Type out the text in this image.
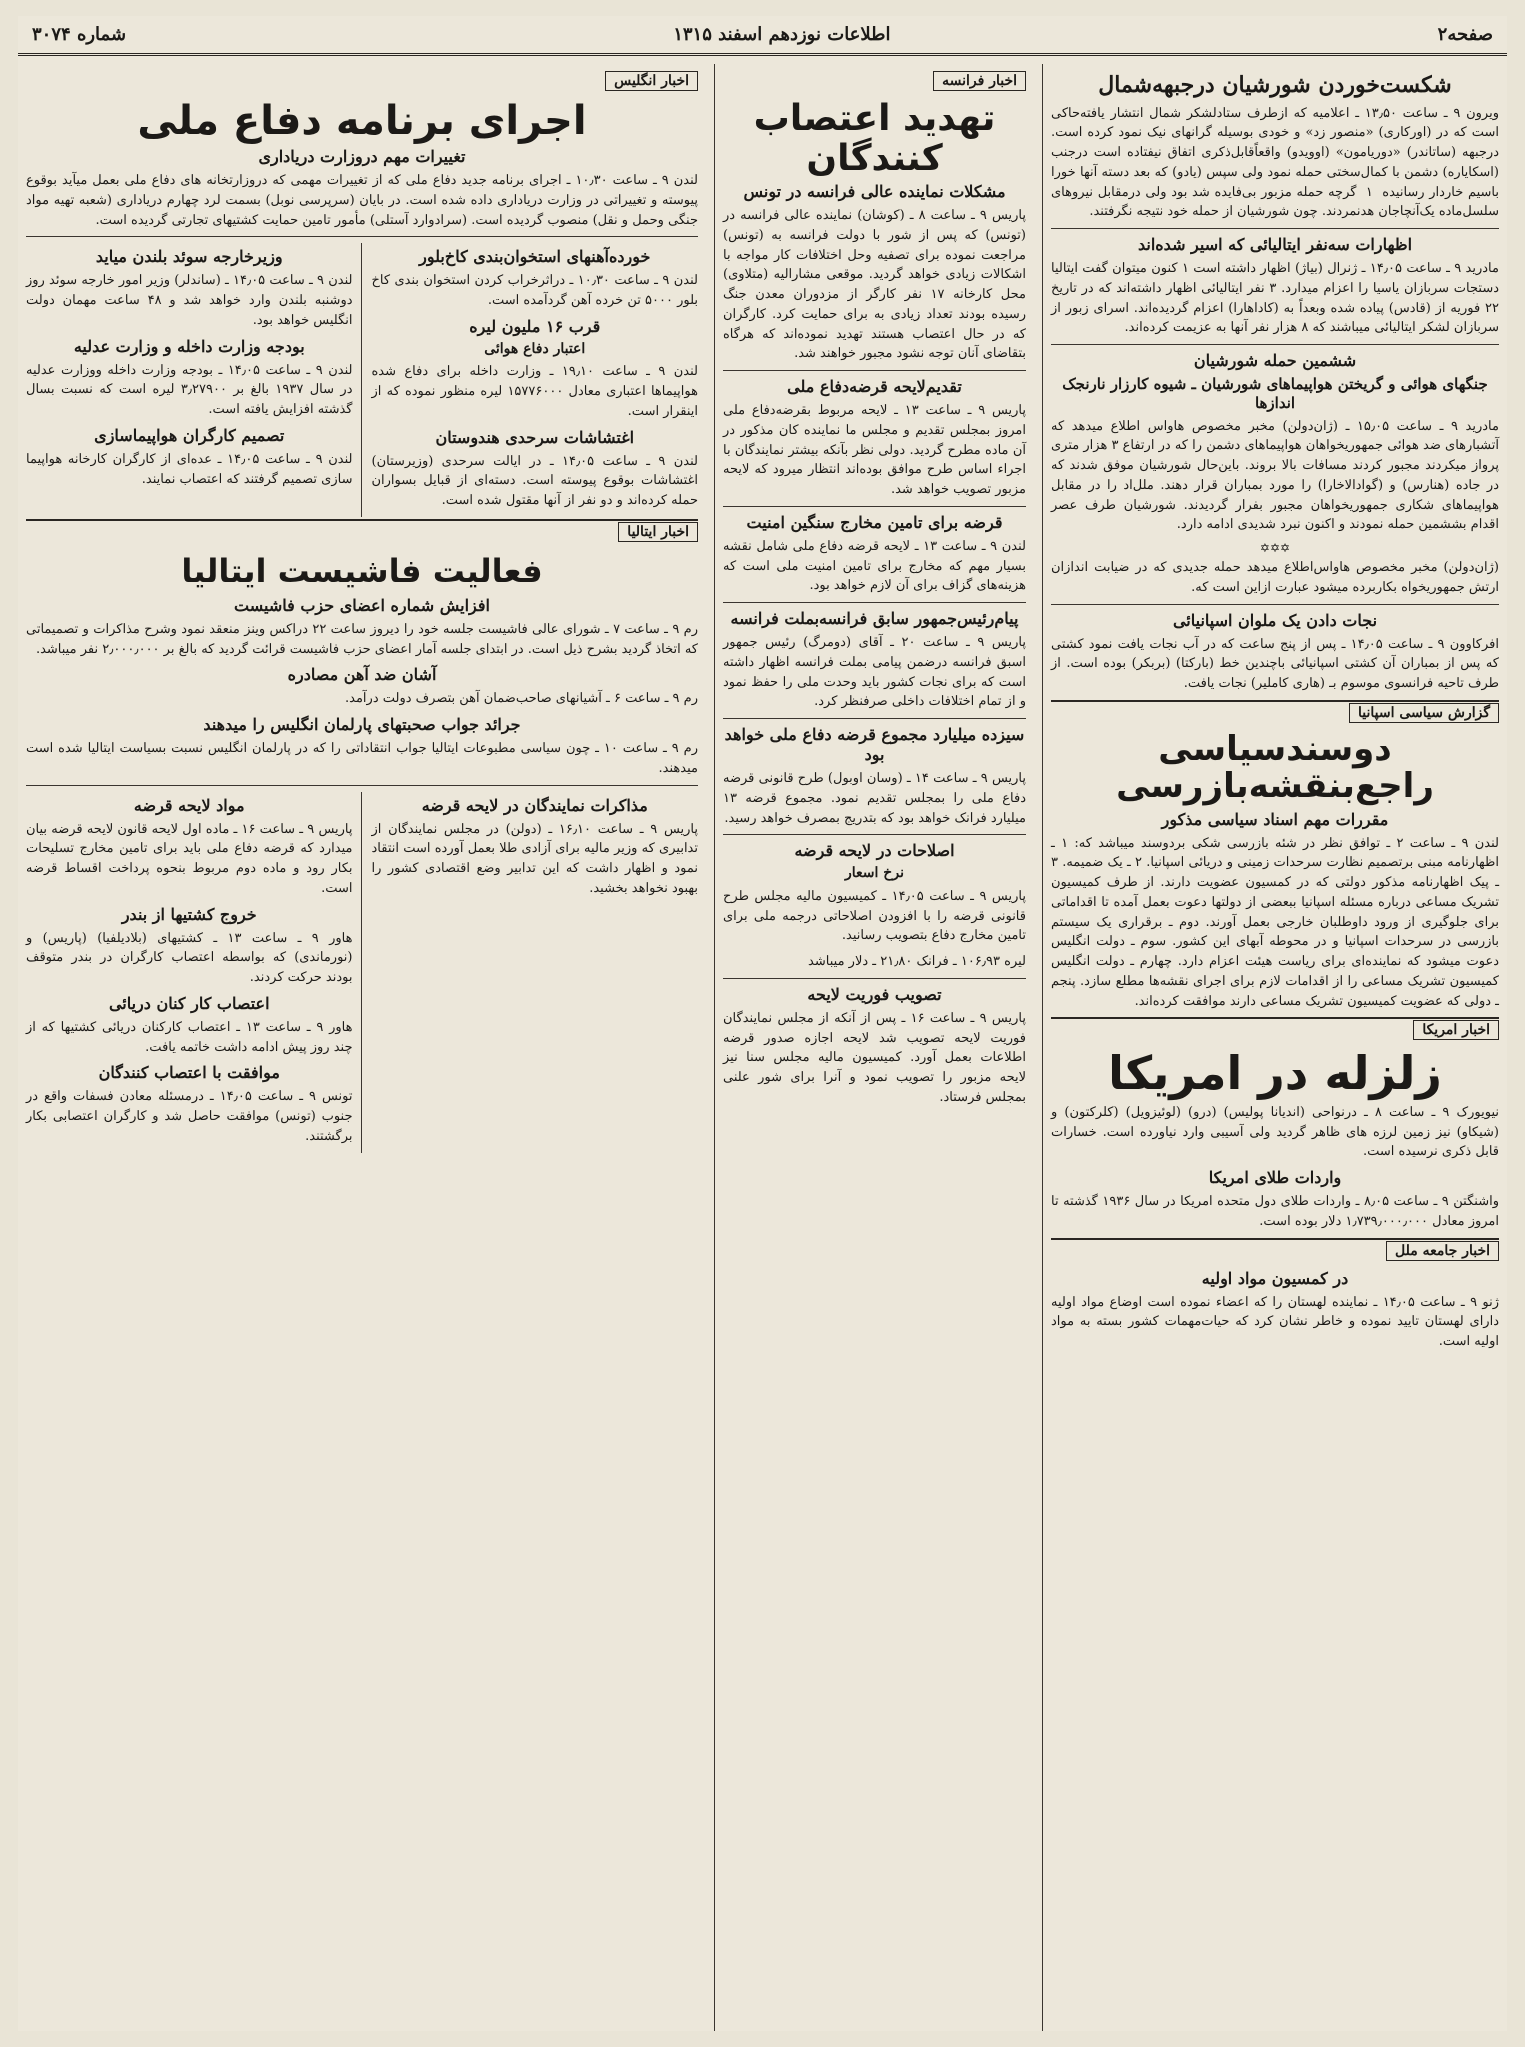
صفحه۲
اطلاعات نوزدهم اسفند ۱۳۱۵
شماره ۳۰۷۴
شکست‌خوردن شورشیان درجبهه‌شمال

ویرون ۹ ـ ساعت ۱۳٫۵۰ ـ اعلامیه که ازطرف ستادلشکر شمال انتشار یافته‌حاکی است که در (اورکاری) «منصور زد» و خودی بوسیله گرانهای نیک نمود کرده است. درجبهه (ساتاندر) «دوریامون» (اوویدو) واقعاًقابل‌ذکری اتفاق نیفتاده است درجنب (اسکایاره) دشمن با کمال‌سختی حمله نمود ولی سپس (یادو) که بعد دسته آنها خورا باسیم خاردار رسانیده ‌ ۱ ‌ گرچه حمله مزبور بی‌فایده شد بود ولی در‌مقابل نیروهای سلسل‌ماده یک‌آنچاجان هدنمردند. چون شورشیان از حمله خود نتیجه نگرفتند.

اظهارات سه‌نفر ایتالیائی که اسیر شده‌اند

مادرید ۹ ـ ساعت ۱۴٫۰۵ ـ ژنرال (بیاژ) اظهار داشته است ۱ کنون میتوان گفت ایتالیا دستجات سربازان یاسیا را اعزام میدارد. ۳ نفر ایتالیائی اظهار داشته‌اند که در تاریخ ۲۲ فوریه از (قادس) پیاده شده وبعداً به (کاداهارا) اعزام گردیده‌اند. اسرای زبور از سربازان لشکر ایتالیائی میباشند که ۸ هزار نفر آنها به عزیمت کرده‌اند.

ششمین حمله شورشیان
جنگهای هوائی و گریختن هواپیماهای شورشیان ـ شیوه کارزار نارنجک اندازها

مادرید ۹ ـ ساعت ۱۵٫۰۵ ـ (ژان‌دولن) مخبر مخصوص هاواس اطلاع میدهد که آتشبارهای ضد هوائی جمهوریخواهان هواپیماهای دشمن را که در ارتفاع ۳ هزار متری پرواز میکردند مجبور کردند مسافات بالا بروند. باین‌حال شورشیان موفق شدند که در جاده (هنارس) و (گوادالاخارا) را مورد بمباران قرار دهند. ملل‌اد را در مقابل هواپیماهای شکاری جمهوریخواهان مجبور بفرار گردیدند. شورشیان طرف عصر اقدام بششمین حمله نمودند و اکنون نبرد شدیدی ادامه دارد.

✡✡✡

(ژان‌دولن) مخبر مخصوص هاواس‌اطلاع میدهد حمله جدیدی که در ضیابت اندازان ارتش جمهوریخواه بکاربرده میشود عبارت ازاین است که.

نجات دادن یک ملوان اسپانیائی

افرکاوون ۹ ـ ساعت ۱۴٫۰۵ ـ پس از پنج ساعت که در آب نجات یافت نمود کشتی که پس از بمباران آن کشتی اسپانیائی باچندین خط (بارکتا) (بربکر) بوده است. از طرف تاحیه فرانسوی موسوم بـ (هاری کاملیر) نجات یافت.

گزارش سیاسی اسپانیا
دوسندسیاسی راجع‌بنقشه‌بازرسی
مقررات مهم اسناد سیاسی مذکور

لندن ۹ ـ ساعت ۲ ـ توافق نظر در شئه بازرسی شکی بردوسند میباشد که: ۱ ـ اظهارنامه مبنی برتصمیم نظارت سرحدات زمینی و دریائی اسپانیا. ۲ ـ یک ضمیمه. ۳ ـ پیک اظهارنامه مذکور دولتی که در کمسیون عضویت دارند. از طرف کمیسیون تشریک مساعی درباره مسئله اسپانیا ببعضی از دولتها دعوت بعمل آمده تا اقداماتی برای جلوگیری از ورود داوطلبان خارجی بعمل آورند. دوم ـ برقراری یک سیستم بازرسی در سرحدات اسپانیا و در محوطه آبهای این کشور. سوم ـ دولت انگلیس دعوت میشود که نماینده‌ای برای ریاست هیئت اعزام دارد. چهارم ـ دولت انگلیس کمیسیون تشریک مساعی را از اقدامات لازم برای اجرای نقشه‌ها مطلع سازد. پنجم ـ دولی که عضویت کمیسیون تشریک مساعی دارند موافقت کرده‌اند.

اخبار امریکا
زلزله در امریکا

نیویورک ۹ ـ ساعت ۸ ـ درنواحی (اندیانا پولیس) (درو) (لوئیزویل) (کلرکتون) و (شیکاو) نیز زمین لرزه های ظاهر گردید ولی آسیبی وارد نیاورده است. خسارات قابل ذکری نرسیده است.

واردات طلای امریکا

واشنگتن ۹ ـ ساعت ۸٫۰۵ ـ واردات طلای دول متحده امریکا در سال ۱۹۳۶ گذشته تا امروز معادل ۱٫۷۳۹٫۰۰۰٫۰۰۰ دلار بوده است.

اخبار جامعه ملل
در کمسیون مواد اولیه

ژنو ۹ ـ ساعت ۱۴٫۰۵ ـ نماینده لهستان را که اعضاء نموده است اوضاع مواد اولیه دارای لهستان تایید نموده و خاطر نشان کرد که حیات‌مهمات کشور بسته به مواد اولیه است.

اخبار فرانسه
تهدید اعتصاب کنندگان
مشکلات نماینده عالی فرانسه در تونس

پاریس ۹ ـ ساعت ۸ ـ (کوشان) نماینده عالی فرانسه در (تونس) که پس از شور با دولت فرانسه به (تونس) مراجعت نموده برای تصفیه وحل اختلافات کار مواجه با اشکالات زیادی خواهد گردید. موقعی مشاراليه (متلاوی) محل کارخانه ۱۷ نفر کارگر از مزدوران معدن جنگ رسیده بودند تعداد زیادی به برای حمایت کرد. کارگران که در حال اعتصاب هستند تهدید نموده‌اند که هرگاه بتقاضای آنان توجه نشود مجبور خواهند شد.

تقدیم‌لایحه قرضه‌دفاع ملی

پاریس ۹ ـ ساعت ۱۳ ـ لایحه مربوط بقرضه‌دفاع ملی امروز بمجلس تقدیم و مجلس ما نماینده کان مذکور در آن ماده مطرح گردید. دولی نظر بآنکه بیشتر نمایندگان با اجراء اساس طرح موافق بوده‌اند انتظار میرود که لایحه مزبور تصویب خواهد شد.

قرضه برای تامین مخارج سنگین امنیت

لندن ۹ ـ ساعت ۱۳ ـ لایحه قرضه دفاع ملی شامل نقشه بسیار مهم که مخارج برای تامین امنیت ملی است که هزینه‌های گزاف برای آن لازم خواهد بود.

پیام‌رئیس‌جمهور سابق فرانسه‌بملت فرانسه

پاریس ۹ ـ ساعت ۲۰ ـ آقای (دومرگ) رئیس جمهور اسبق فرانسه درضمن پیامی بملت فرانسه اظهار داشته است که برای نجات کشور باید وحدت ملی را حفظ نمود و از تمام اختلافات داخلی صرفنظر کرد.

سیزده میلیارد مجموع قرضه دفاع ملی خواهد بود

پاریس ۹ ـ ساعت ۱۴ ـ (وسان اوبول) طرح قانونی قرضه دفاع ملی را بمجلس تقدیم نمود. مجموع قرضه ۱۳ میلیارد فرانک خواهد بود که بتدریج بمصرف خواهد رسید.

اصلاحات در لایحه قرضه
نرخ اسعار

پاریس ۹ ـ ساعت ۱۴٫۰۵ ـ کمیسیون مالیه مجلس طرح قانونی قرضه را با افزودن اصلاحاتی درجمه ملی برای تامین مخارج دفاع بتصویب رسانید.

لیره ۱۰۶٫۹۳ ـ فرانک ۲۱٫۸۰ ـ دلار میباشد

تصویب فوریت لایحه

پاریس ۹ ـ ساعت ۱۶ ـ پس از آنکه از مجلس نمایندگان فوریت لایحه تصویب شد لایحه اجازه صدور قرضه اطلاعات بعمل آورد. کمیسیون مالیه مجلس سنا نیز لایحه مزبور را تصویب نمود و آنرا برای شور علنی بمجلس فرستاد.

اخبار انگلیس
اجرای برنامه دفاع ملی
تغییرات مهم دروزارت دریاداری

لندن ۹ ـ ساعت ۱۰٫۳۰ ـ اجرای برنامه جدید دفاع ملی که از تغییرات مهمی که دروزارتخانه های دفاع ملی بعمل میآید بوقوع پیوسته و تغییراتی در وزارت دریاداری داده شده است. در بایان (سرپرسی نوبل) بسمت لرد چهارم دریاداری (شعبه تهیه مواد جنگی وحمل و نقل) منصوب گردیده است. (سرادوارد آستلی) مأمور تامین حمایت کشتیهای تجارتی گردیده است.

خورده‌آهنهای استخوان‌بندی کاخ‌بلور

لندن ۹ ـ ساعت ۱۰٫۳۰ ـ دراثرخراب کردن استخوان بندی کاخ بلور ۵۰۰۰ تن خرده آهن گرد‌آمده است.

قرب ۱۶ ملیون لیره
اعتبار دفاع هوائی

لندن ۹ ـ ساعت ۱۹٫۱۰ ـ وزارت داخله برای دفاع شده هواپیماها اعتباری معادل ۱۵۷۷۶۰۰۰ لیره منظور نموده که از اینقرار است.

اغتشاشات سرحدی هندوستان

لندن ۹ ـ ساعت ۱۴٫۰۵ ـ در ایالت سرحدی (وزیرستان) اغتشاشات بوقوع پیوسته است. دسته‌ای از قبایل بسواران حمله کرده‌اند و دو نفر از آنها مقتول شده است.

وزیرخارجه سوئد بلندن میاید

لندن ۹ ـ ساعت ۱۴٫۰۵ ـ (ساندلر) وزیر امور خارجه سوئد روز دوشنبه بلندن وارد خواهد شد و ۴۸ ساعت مهمان دولت انگلیس خواهد بود.

بودجه وزارت داخله و وزارت عدلیه

لندن ۹ ـ ساعت ۱۴٫۰۵ ـ بودجه وزارت داخله ووزارت عدلیه در سال ۱۹۳۷ بالغ بر ۳٫۲۷۹۰۰ لیره است که نسبت بسال گذشته افزایش یافته است.

تصمیم کارگران هواپیماسازی

لندن ۹ ـ ساعت ۱۴٫۰۵ ـ عده‌ای از کارگران کارخانه هواپیما سازی تصمیم گرفتند که اعتصاب نمایند.

اخبار ایتالیا
فعالیت فاشیست ایتالیا
افزایش شماره اعضای حزب فاشیست

رم ۹ ـ ساعت ۷ ـ شورای عالی فاشیست جلسه خود را دیروز ساعت ۲۲ دراکس وینز منعقد نمود وشرح مذاکرات و تصمیماتی که اتخاذ گردید بشرح ذیل است. در ابتدای جلسه آمار اعضای حزب فاشیست قرائت گردید که بالغ بر ۲٫۰۰۰٫۰۰۰ نفر میباشد.

آشان ضد آهن مصادره

رم ۹ ـ ساعت ۶ ـ آشیانهای صاحب‌ضمان آهن بتصرف دولت درآمد.

جرائد جواب صحبتهای پارلمان انگلیس را میدهند

رم ۹ ـ ساعت ۱۰ ـ چون سیاسی مطبوعات ایتالیا جواب انتقاداتی را که در پارلمان انگلیس نسبت بسیاست ایتالیا شده است میدهند.

مذاکرات نمایندگان در لایحه قرضه

پاریس ۹ ـ ساعت ۱۶٫۱۰ ـ (دولن) در مجلس نمایندگان از تدابیری که وزیر مالیه برای آزادی طلا بعمل آورده است انتقاد نمود و اظهار داشت که این تدابیر وضع اقتصادی کشور را بهبود نخواهد بخشید.

مواد لایحه قرضه

پاریس ۹ ـ ساعت ۱۶ ـ ماده اول لایحه قانون لایحه قرضه بیان میدارد که قرضه دفاع ملی باید برای تامین مخارج تسلیحات بکار رود و ماده دوم مربوط بنحوه پرداخت اقساط قرضه است.

خروج کشتیها از بندر

هاور ۹ ـ ساعت ۱۳ ـ کشتیهای (بلادیلفیا) (پاریس) و (نورماندی) که بواسطه اعتصاب کارگران در بندر متوقف بودند حرکت کردند.

اعتصاب کار کنان دریائی

هاور ۹ ـ ساعت ۱۳ ـ اعتصاب کارکنان دریائی کشتیها که از چند روز پیش ادامه داشت خاتمه یافت.

موافقت با اعتصاب کنندگان

تونس ۹ ـ ساعت ۱۴٫۰۵ ـ درمسئله معادن فسفات واقع در جنوب (تونس) موافقت حاصل شد و کارگران اعتصابی بکار برگشتند.
